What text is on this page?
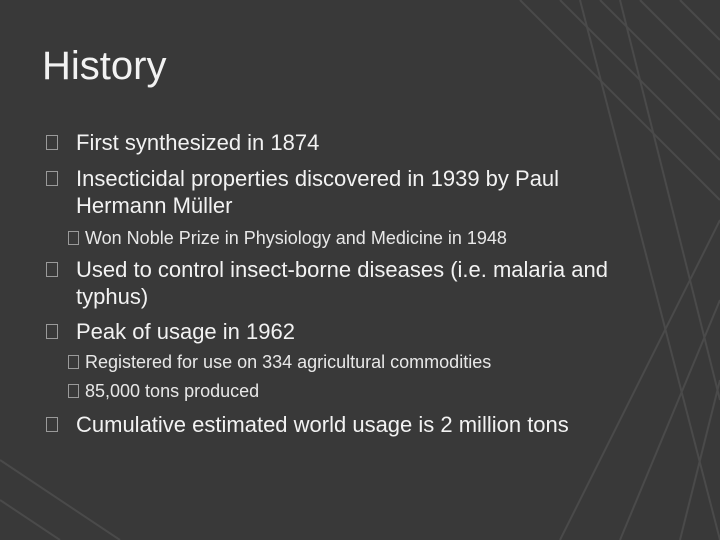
History
First synthesized in 1874
Insecticidal properties discovered in 1939 by Paul Hermann Müller
Won Noble Prize in Physiology and Medicine in 1948
Used to control insect-borne diseases (i.e. malaria and typhus)
Peak of usage in 1962
Registered for use on 334 agricultural commodities
85,000 tons produced
Cumulative estimated world usage is 2 million tons
